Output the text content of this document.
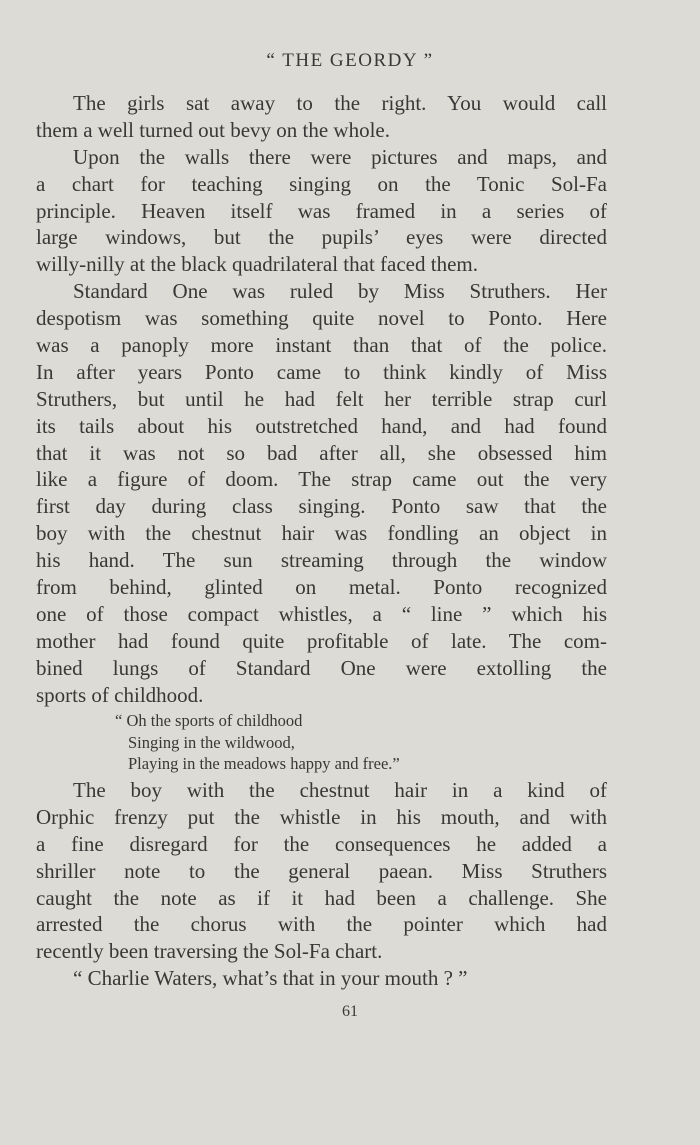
“ THE GEORDY ”
The girls sat away to the right. You would call
them a well turned out bevy on the whole.
Upon the walls there were pictures and maps, and
a chart for teaching singing on the Tonic Sol-Fa
principle. Heaven itself was framed in a series of
large windows, but the pupils’ eyes were directed
willy-nilly at the black quadrilateral that faced them.
Standard One was ruled by Miss Struthers. Her
despotism was something quite novel to Ponto. Here
was a panoply more instant than that of the police.
In after years Ponto came to think kindly of Miss
Struthers, but until he had felt her terrible strap curl
its tails about his outstretched hand, and had found
that it was not so bad after all, she obsessed him
like a figure of doom. The strap came out the very
first day during class singing. Ponto saw that the
boy with the chestnut hair was fondling an object in
his hand. The sun streaming through the window
from behind, glinted on metal. Ponto recognized
one of those compact whistles, a “ line ” which his
mother had found quite profitable of late. The com-
bined lungs of Standard One were extolling the
sports of childhood.
“ Oh the sports of childhood
Singing in the wildwood,
Playing in the meadows happy and free.”
The boy with the chestnut hair in a kind of
Orphic frenzy put the whistle in his mouth, and with
a fine disregard for the consequences he added a
shriller note to the general paean. Miss Struthers
caught the note as if it had been a challenge. She
arrested the chorus with the pointer which had
recently been traversing the Sol-Fa chart.
“ Charlie Waters, what’s that in your mouth ? ”
61
